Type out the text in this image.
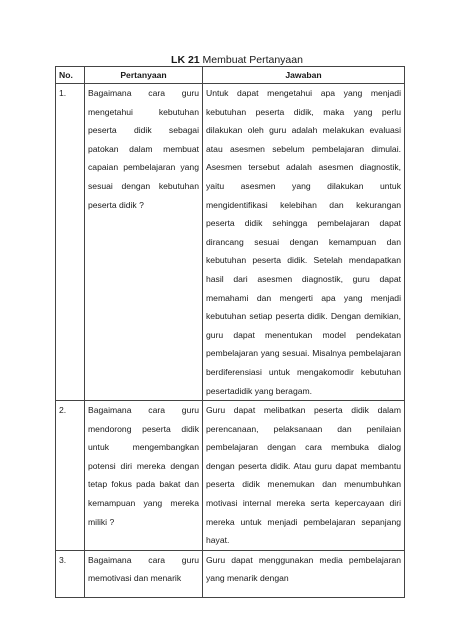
LK 21 Membuat Pertanyaan
No.	Pertanyaan	Jawaban
1.	Bagaimana cara guru mengetahui kebutuhan peserta didik sebagai patokan dalam membuat capaian pembelajaran yang sesuai dengan kebutuhan peserta didik ?	Untuk dapat mengetahui apa yang menjadi kebutuhan peserta didik, maka yang perlu dilakukan oleh guru adalah melakukan evaluasi atau asesmen sebelum pembelajaran dimulai. Asesmen tersebut adalah asesmen diagnostik, yaitu asesmen yang dilakukan untuk mengidentifikasi kelebihan dan kekurangan peserta didik sehingga pembelajaran dapat dirancang sesuai dengan kemampuan dan kebutuhan peserta didik. Setelah mendapatkan hasil dari asesmen diagnostik, guru dapat memahami dan mengerti apa yang menjadi kebutuhan setiap peserta didik. Dengan demikian, guru dapat menentukan model pendekatan pembelajaran yang sesuai. Misalnya pembelajaran berdiferensiasi untuk mengakomodir kebutuhan pesertadidik yang beragam.

2.	Bagaimana cara guru mendorong peserta didik untuk mengembangkan potensi diri mereka dengan tetap fokus pada bakat dan kemampuan yang mereka miliki ?	Guru dapat melibatkan peserta didik dalam perencanaan, pelaksanaan dan penilaian pembelajaran dengan cara membuka dialog dengan peserta didik. Atau guru dapat membantu peserta didik menemukan dan menumbuhkan motivasi internal mereka serta kepercayaan diri mereka untuk menjadi pembelajaran sepanjang hayat.

3.	Bagaimana cara guru memotivasi dan menarik	Guru dapat menggunakan media pembelajaran yang menarik dengan
